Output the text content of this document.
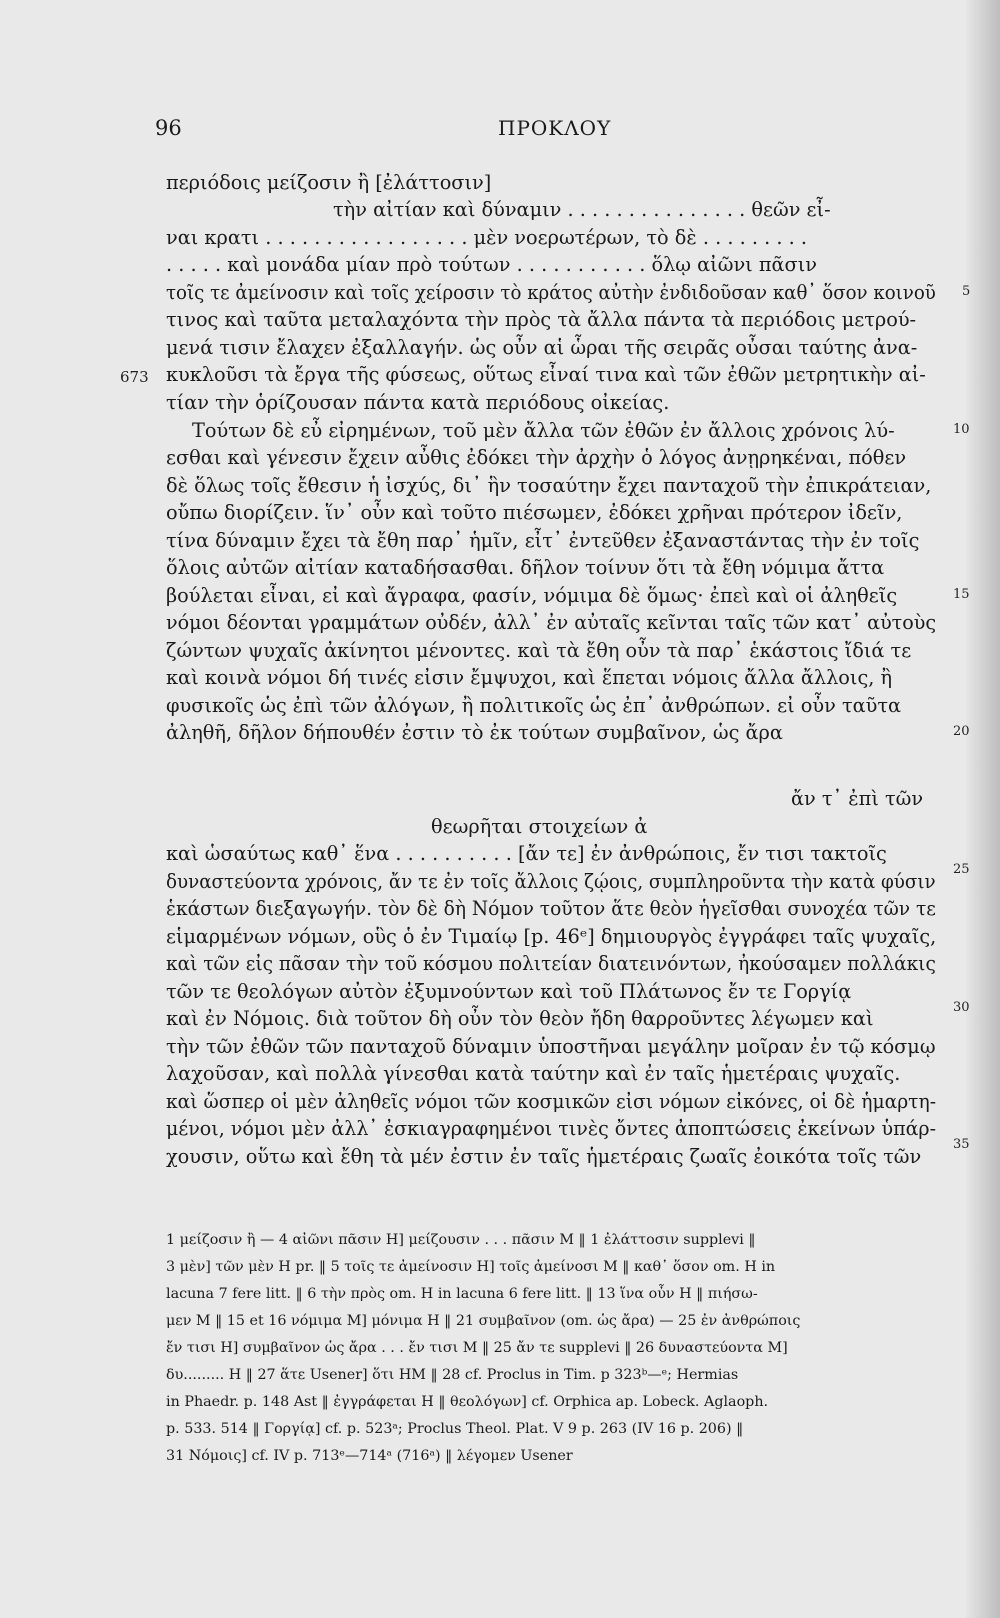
96	ΠΡΟΚΛΟΥ
περιόδοις μείζοσιν ἢ [ἐλάττοσιν]
τὴν αἰτίαν καὶ δύναμιν . . . . . . . . . . . . . . . θεῶν εἶ-
ναι κρατι . . . . . . . . . . . . . . . . . μὲν νοερωτέρων, τὸ δὲ . . . . . . . . .
. . . . . καὶ μονάδα μίαν πρὸ τούτων . . . . . . . . . . . ὅλῳ αἰῶνι πᾶσιν
τοῖς τε ἀμείνοσιν καὶ τοῖς χείροσιν τὸ κράτος αὐτὴν ἐνδιδοῦσαν καθ᾽ ὅσον κοινοῦ
τινος καὶ ταῦτα μεταλαχόντα τὴν πρὸς τὰ ἄλλα πάντα τὰ περιόδοις μετρού-
μενά τισιν ἔλαχεν ἐξαλλαγήν. ὡς οὖν αἱ ὧραι τῆς σειρᾶς οὖσαι ταύτης ἀνα-
κυκλοῦσι τὰ ἔργα τῆς φύσεως, οὕτως εἶναί τινα καὶ τῶν ἐθῶν μετρητικὴν αἰ-
τίαν τὴν ὁρίζουσαν πάντα κατὰ περιόδους οἰκείας.
Τούτων δὲ εὖ εἰρημένων, τοῦ μὲν ἄλλα τῶν ἐθῶν ἐν ἄλλοις χρόνοις λύ-
εσθαι καὶ γένεσιν ἔχειν αὖθις ἐδόκει τὴν ἀρχὴν ὁ λόγος ἀνῃρηκέναι, πόθεν
δὲ ὅλως τοῖς ἔθεσιν ἡ ἰσχύς, δι᾽ ἣν τοσαύτην ἔχει πανταχοῦ τὴν ἐπικράτειαν,
οὔπω διορίζειν. ἵν᾽ οὖν καὶ τοῦτο πιέσωμεν, ἐδόκει χρῆναι πρότερον ἰδεῖν,
τίνα δύναμιν ἔχει τὰ ἔθη παρ᾽ ἡμῖν, εἶτ᾽ ἐντεῦθεν ἐξαναστάντας τὴν ἐν τοῖς
ὅλοις αὐτῶν αἰτίαν καταδήσασθαι. δῆλον τοίνυν ὅτι τὰ ἔθη νόμιμα ἄττα
βούλεται εἶναι, εἰ καὶ ἄγραφα, φασίν, νόμιμα δὲ ὅμως· ἐπεὶ καὶ οἱ ἀληθεῖς
νόμοι δέονται γραμμάτων οὐδέν, ἀλλ᾽ ἐν αὐταῖς κεῖνται ταῖς τῶν κατ᾽ αὐτοὺς
ζώντων ψυχαῖς ἀκίνητοι μένοντες. καὶ τὰ ἔθη οὖν τὰ παρ᾽ ἑκάστοις ἴδιά τε
καὶ κοινὰ νόμοι δή τινές εἰσιν ἔμψυχοι, καὶ ἕπεται νόμοις ἄλλα ἄλλοις, ἢ
φυσικοῖς ὡς ἐπὶ τῶν ἀλόγων, ἢ πολιτικοῖς ὡς ἐπ᾽ ἀνθρώπων. εἰ οὖν ταῦτα
ἀληθῆ, δῆλον δήπουθέν ἐστιν τὸ ἐκ τούτων συμβαῖνον, ὡς ἄρα
ἄν τ᾽ ἐπὶ τῶν
θεωρῆται στοιχείων ἀ
καὶ ὡσαύτως καθ᾽ ἕνα . . . . . . . . . . [ἄν τε] ἐν ἀνθρώποις, ἔν τισι τακτοῖς
δυναστεύοντα χρόνοις, ἄν τε ἐν τοῖς ἄλλοις ζῴοις, συμπληροῦντα τὴν κατὰ φύσιν
ἑκάστων διεξαγωγήν. τὸν δὲ δὴ Νόμον τοῦτον ἅτε θεὸν ἡγεῖσθαι συνοχέα τῶν τε
εἱμαρμένων νόμων, οὓς ὁ ἐν Τιμαίῳ [p. 46ᵉ] δημιουργὸς ἐγγράφει ταῖς ψυχαῖς,
καὶ τῶν εἰς πᾶσαν τὴν τοῦ κόσμου πολιτείαν διατεινόντων, ἠκούσαμεν πολλάκις
τῶν τε θεολόγων αὐτὸν ἐξυμνούντων καὶ τοῦ Πλάτωνος ἔν τε Γοργίᾳ
καὶ ἐν Νόμοις. διὰ τοῦτον δὴ οὖν τὸν θεὸν ἤδη θαρροῦντες λέγωμεν καὶ
τὴν τῶν ἐθῶν τῶν πανταχοῦ δύναμιν ὑποστῆναι μεγάλην μοῖραν ἐν τῷ κόσμῳ
λαχοῦσαν, καὶ πολλὰ γίνεσθαι κατὰ ταύτην καὶ ἐν ταῖς ἡμετέραις ψυχαῖς.
καὶ ὥσπερ οἱ μὲν ἀληθεῖς νόμοι τῶν κοσμικῶν εἰσι νόμων εἰκόνες, οἱ δὲ ἡμαρτη-
μένοι, νόμοι μὲν ἀλλ᾽ ἐσκιαγραφημένοι τινὲς ὄντες ἀποπτώσεις ἐκείνων ὑπάρ-
χουσιν, οὕτω καὶ ἔθη τὰ μέν ἐστιν ἐν ταῖς ἡμετέραις ζωαῖς ἐοικότα τοῖς τῶν
673
5
10
15
20
25
30
35
1 μείζοσιν ἢ — 4 αἰῶνι πᾶσιν H] μείζουσιν . . . πᾶσιν M ‖ 1 ἐλάττοσιν supplevi ‖
3 μὲν] τῶν μὲν H pr. ‖ 5 τοῖς τε ἀμείνοσιν H] τοῖς ἀμείνοσι M ‖ καθ᾽ ὅσον om. H in
lacuna 7 fere litt. ‖ 6 τὴν πρὸς om. H in lacuna 6 fere litt. ‖ 13 ἵνα οὖν H ‖ πιήσω-
μεν M ‖ 15 et 16 νόμιμα M] μόνιμα H ‖ 21 συμβαῖνον (om. ὡς ἄρα) — 25 ἐν ἀνθρώποις
ἔν τισι H] συμβαῖνον ὡς ἄρα . . . ἔν τισι M ‖ 25 ἄν τε supplevi ‖ 26 δυναστεύοντα M]
δυ......... H ‖ 27 ἅτε Usener] ὅτι HM ‖ 28 cf. Proclus in Tim. p 323ᵇ—ᵉ; Hermias
in Phaedr. p. 148 Ast ‖ ἐγγράφεται H ‖ θεολόγων] cf. Orphica ap. Lobeck. Aglaoph.
p. 533. 514 ‖ Γοργίᾳ] cf. p. 523ᵃ; Proclus Theol. Plat. V 9 p. 263 (IV 16 p. 206) ‖
31 Νόμοις] cf. IV p. 713ᵉ—714ᵃ (716ᵃ) ‖ λέγομεν Usener
